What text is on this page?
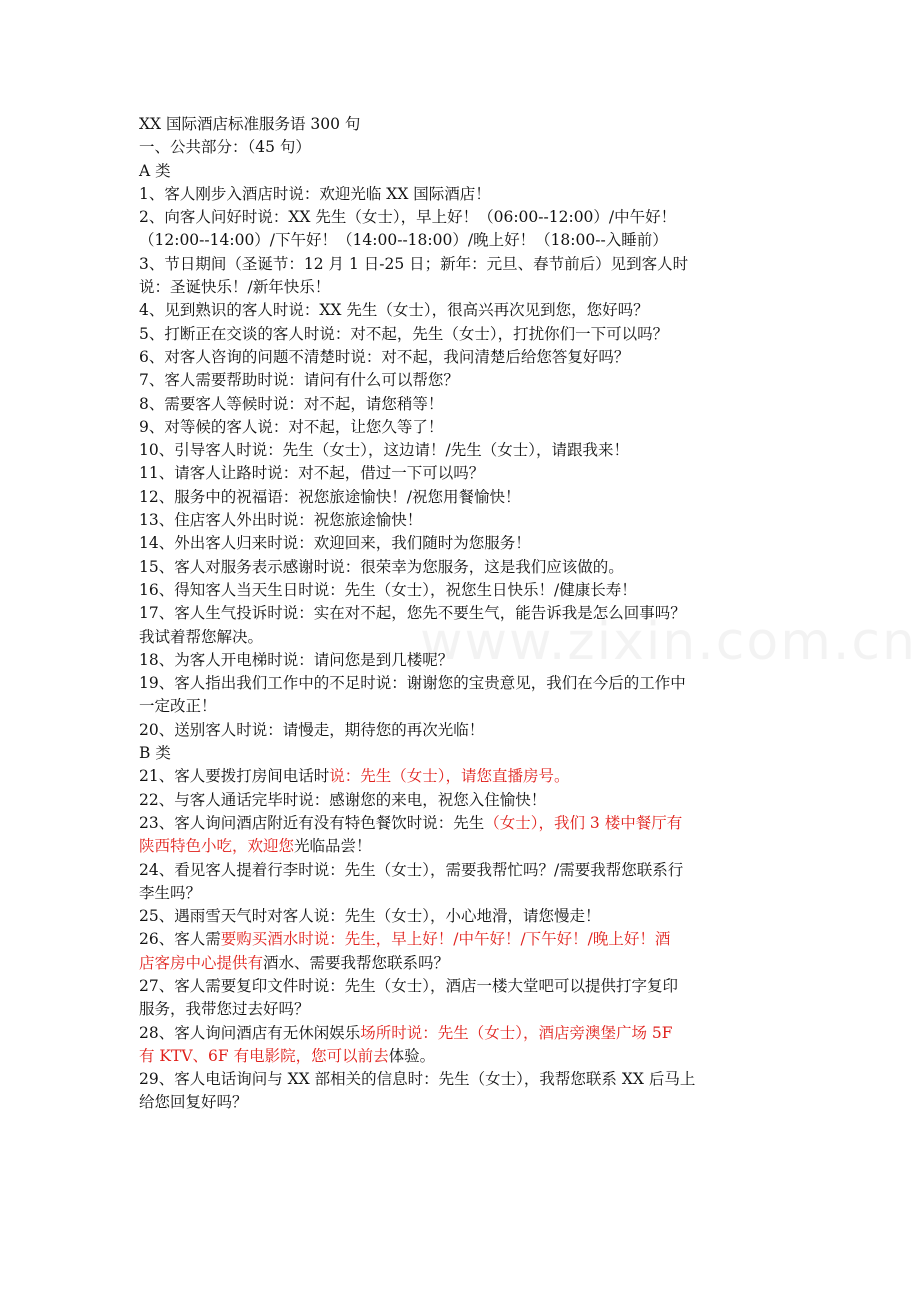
XX 国际酒店标准服务语 300 句
一、公共部分：（45 句）
A 类
1、客人刚步入酒店时说：欢迎光临 XX 国际酒店！
2、向客人问好时说：XX 先生（女士），早上好！（06:00--12:00）/中午好！
（12:00--14:00）/下午好！（14:00--18:00）/晚上好！（18:00--入睡前）
3、节日期间（圣诞节：12 月 1 日-25 日；新年：元旦、春节前后）见到客人时
说：圣诞快乐！/新年快乐！
4、见到熟识的客人时说：XX 先生（女士），很高兴再次见到您，您好吗？
5、打断正在交谈的客人时说：对不起，先生（女士），打扰你们一下可以吗？
6、对客人咨询的问题不清楚时说：对不起，我问清楚后给您答复好吗？
7、客人需要帮助时说：请问有什么可以帮您？
8、需要客人等候时说：对不起，请您稍等！
9、对等候的客人说：对不起，让您久等了！
10、引导客人时说：先生（女士），这边请！/先生（女士），请跟我来！
11、请客人让路时说：对不起，借过一下可以吗？
12、服务中的祝福语：祝您旅途愉快！/祝您用餐愉快！
13、住店客人外出时说：祝您旅途愉快！
14、外出客人归来时说：欢迎回来，我们随时为您服务！
15、客人对服务表示感谢时说：很荣幸为您服务，这是我们应该做的。
16、得知客人当天生日时说：先生（女士），祝您生日快乐！/健康长寿！
17、客人生气投诉时说：实在对不起，您先不要生气，能告诉我是怎么回事吗？
我试着帮您解决。
18、为客人开电梯时说：请问您是到几楼呢？
19、客人指出我们工作中的不足时说：谢谢您的宝贵意见，我们在今后的工作中
一定改正！
20、送别客人时说：请慢走，期待您的再次光临！
B 类
21、客人要拨打房间电话时说：先生（女士），请您直播房号。
22、与客人通话完毕时说：感谢您的来电，祝您入住愉快！
23、客人询问酒店附近有没有特色餐饮时说：先生（女士），我们 3 楼中餐厅有
陕西特色小吃，欢迎您光临品尝！
24、看见客人提着行李时说：先生（女士），需要我帮忙吗？/需要我帮您联系行
李生吗？
25、遇雨雪天气时对客人说：先生（女士），小心地滑，请您慢走！
26、客人需要购买酒水时说：先生，早上好！/中午好！/下午好！/晚上好！酒
店客房中心提供有酒水、需要我帮您联系吗？
27、客人需要复印文件时说：先生（女士），酒店一楼大堂吧可以提供打字复印
服务，我带您过去好吗？
28、客人询问酒店有无休闲娱乐场所时说：先生（女士），酒店旁澳堡广场 5F
有 KTV、6F 有电影院，您可以前去体验。
29、客人电话询问与 XX 部相关的信息时：先生（女士），我帮您联系 XX 后马上
给您回复好吗？
www.zixin.com.cn
